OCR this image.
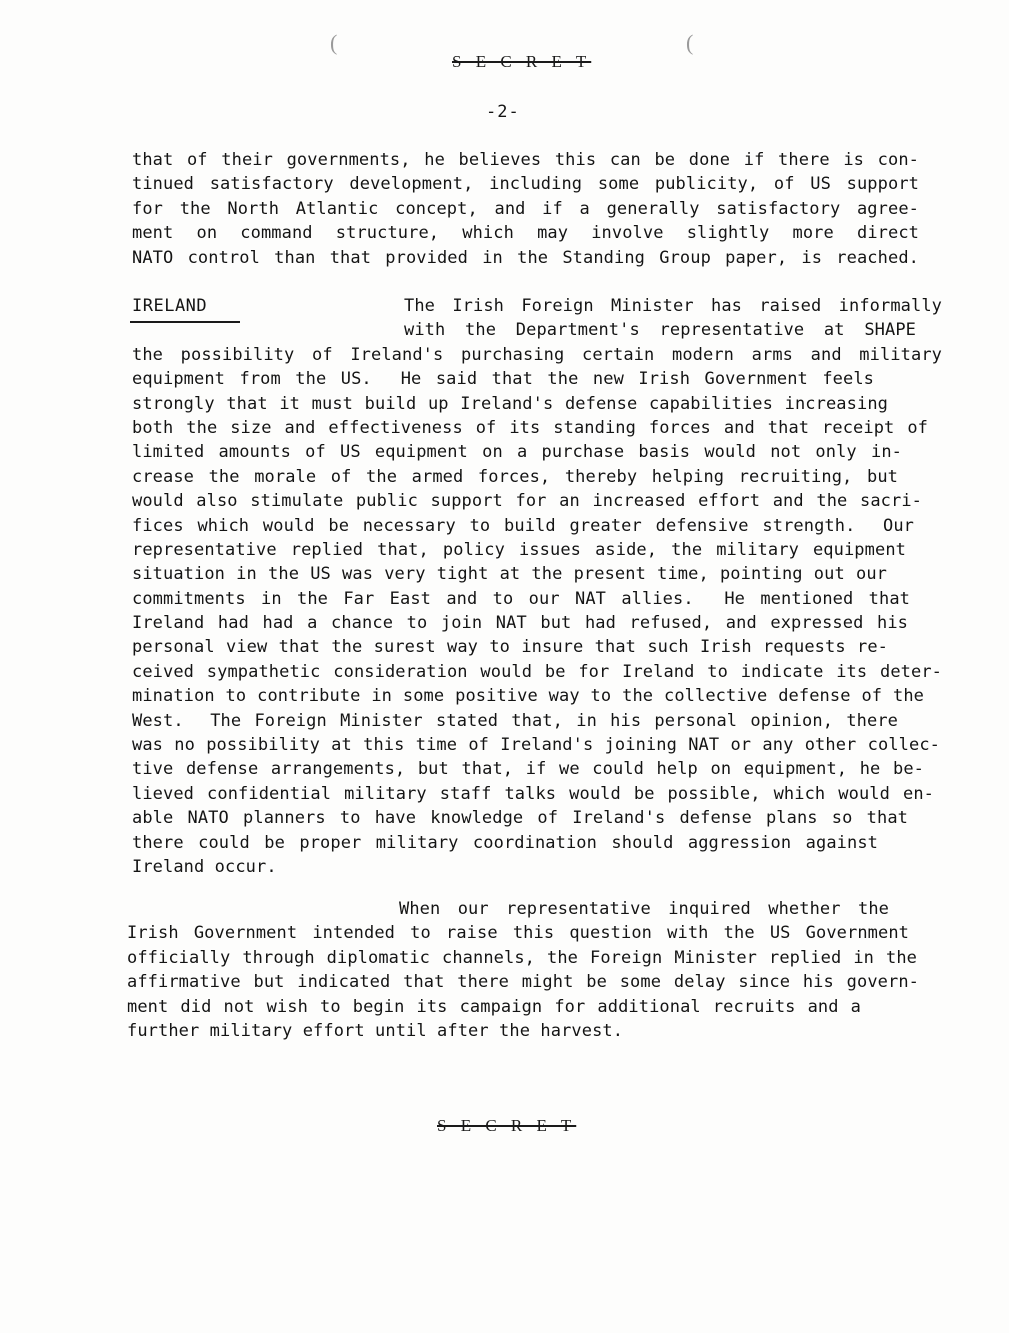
(	(
S E C R E T
-2-
that of their governments, he believes this can be done if there is con-
tinued satisfactory development, including some publicity, of US support
for the North Atlantic concept, and if a generally satisfactory agree-
ment on command structure, which may involve slightly more direct
NATO control than that provided in the Standing Group paper, is reached.
IRELAND	The Irish Foreign Minister has raised informally
with the Department's representative at SHAPE
the possibility of Ireland's purchasing certain modern arms and military
equipment from the US.  He said that the new Irish Government feels
strongly that it must build up Ireland's defense capabilities increasing
both the size and effectiveness of its standing forces and that receipt of
limited amounts of US equipment on a purchase basis would not only in-
crease the morale of the armed forces, thereby helping recruiting, but
would also stimulate public support for an increased effort and the sacri-
fices which would be necessary to build greater defensive strength.  Our
representative replied that, policy issues aside, the military equipment
situation in the US was very tight at the present time, pointing out our
commitments in the Far East and to our NAT allies.  He mentioned that
Ireland had had a chance to join NAT but had refused, and expressed his
personal view that the surest way to insure that such Irish requests re-
ceived sympathetic consideration would be for Ireland to indicate its deter-
mination to contribute in some positive way to the collective defense of the
West.  The Foreign Minister stated that, in his personal opinion, there
was no possibility at this time of Ireland's joining NAT or any other collec-
tive defense arrangements, but that, if we could help on equipment, he be-
lieved confidential military staff talks would be possible, which would en-
able NATO planners to have knowledge of Ireland's defense plans so that
there could be proper military coordination should aggression against
Ireland occur.
When our representative inquired whether the
Irish Government intended to raise this question with the US Government
officially through diplomatic channels, the Foreign Minister replied in the
affirmative but indicated that there might be some delay since his govern-
ment did not wish to begin its campaign for additional recruits and a
further military effort until after the harvest.
S E C R E T
